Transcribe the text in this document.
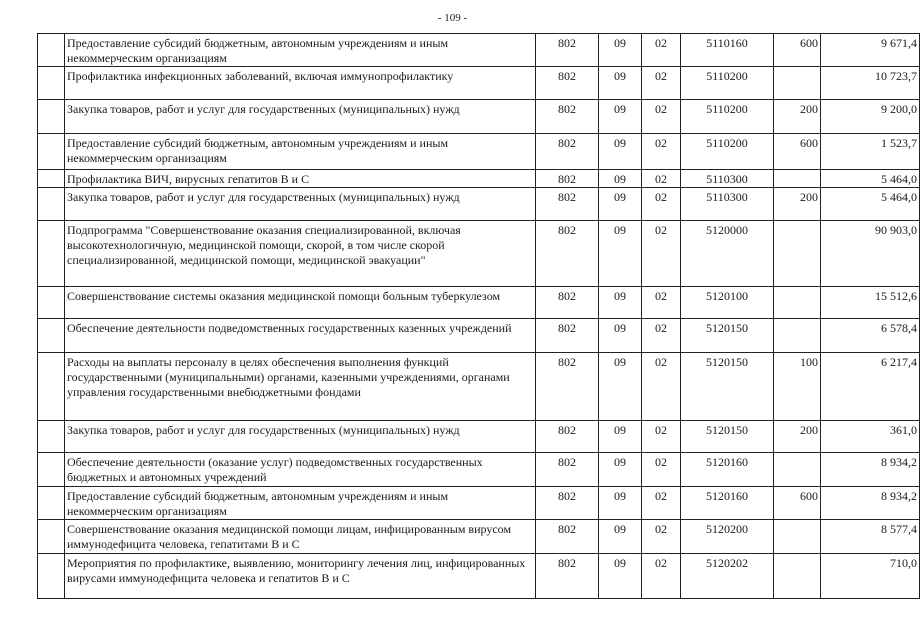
- 109 -
	Предоставление субсидий бюджетным, автономным учреждениям и иным некоммерческим организациям	802	09	02	5110160	600	9 671,4
	Профилактика инфекционных заболеваний, включая иммунопрофилактику	802	09	02	5110200		10 723,7
	Закупка товаров, работ и услуг для государственных (муниципальных) нужд	802	09	02	5110200	200	9 200,0
	Предоставление субсидий бюджетным, автономным учреждениям и иным некоммерческим организациям	802	09	02	5110200	600	1 523,7
	Профилактика ВИЧ, вирусных гепатитов В и С	802	09	02	5110300		5 464,0
	Закупка товаров, работ и услуг для государственных (муниципальных) нужд	802	09	02	5110300	200	5 464,0
	Подпрограмма "Совершенствование оказания специализированной, включая высокотехнологичную, медицинской помощи, скорой, в том числе скорой специализированной, медицинской помощи, медицинской эвакуации"	802	09	02	5120000		90 903,0
	Совершенствование системы оказания медицинской помощи больным туберкулезом	802	09	02	5120100		15 512,6
	Обеспечение деятельности подведомственных государственных казенных учреждений	802	09	02	5120150		6 578,4
	Расходы на выплаты персоналу в целях обеспечения выполнения функций государственными (муниципальными) органами, казенными учреждениями, органами управления государственными внебюджетными фондами	802	09	02	5120150	100	6 217,4
	Закупка товаров, работ и услуг для государственных (муниципальных) нужд	802	09	02	5120150	200	361,0
	Обеспечение деятельности (оказание услуг) подведомственных государственных бюджетных и автономных учреждений	802	09	02	5120160		8 934,2
	Предоставление субсидий бюджетным, автономным учреждениям и иным некоммерческим организациям	802	09	02	5120160	600	8 934,2
	Совершенствование оказания медицинской помощи лицам, инфицированным вирусом иммунодефицита человека, гепатитами В и С	802	09	02	5120200		8 577,4
	Мероприятия по профилактике, выявлению, мониторингу лечения лиц, инфицированных вирусами иммунодефицита человека и гепатитов В и С	802	09	02	5120202		710,0
